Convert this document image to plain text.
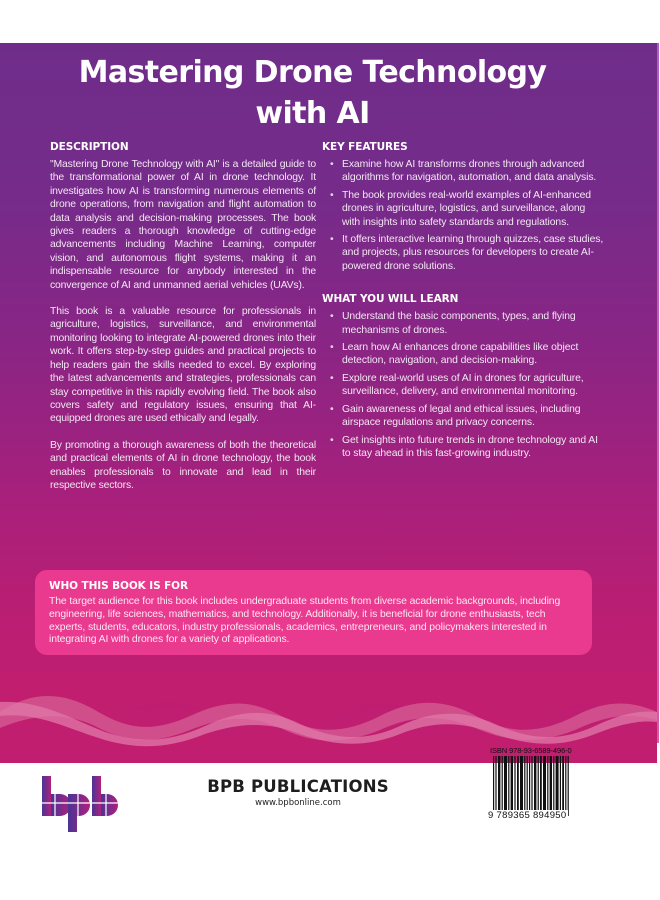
Mastering Drone Technology
with AI
DESCRIPTION

"Mastering Drone Technology with AI" is a detailed guide to the transformational power of AI in drone technology. It investigates how AI is transforming numerous elements of drone operations, from navigation and flight automation to data analysis and decision-making processes. The book gives readers a thorough knowledge of cutting-edge advancements including Machine Learning, computer vision, and autonomous flight systems, making it an indispensable resource for anybody interested in the convergence of AI and unmanned aerial vehicles (UAVs).

This book is a valuable resource for professionals in agriculture, logistics, surveillance, and environmental monitoring looking to integrate AI-powered drones into their work. It offers step-by-step guides and practical projects to help readers gain the skills needed to excel. By exploring the latest advancements and strategies, professionals can stay competitive in this rapidly evolving field. The book also covers safety and regulatory issues, ensuring that AI-equipped drones are used ethically and legally.

By promoting a thorough awareness of both the theoretical and practical elements of AI in drone technology, the book enables professionals to innovate and lead in their respective sectors.

KEY FEATURES
• Examine how AI transforms drones through advanced algorithms for navigation, automation, and data analysis.
• The book provides real-world examples of AI-enhanced drones in agriculture, logistics, and surveillance, along with insights into safety standards and regulations.
• It offers interactive learning through quizzes, case studies, and projects, plus resources for developers to create AI-powered drone solutions.
WHAT YOU WILL LEARN
• Understand the basic components, types, and flying mechanisms of drones.
• Learn how AI enhances drone capabilities like object detection, navigation, and decision-making.
• Explore real-world uses of AI in drones for agriculture, surveillance, delivery, and environmental monitoring.
• Gain awareness of legal and ethical issues, including airspace regulations and privacy concerns.
• Get insights into future trends in drone technology and AI to stay ahead in this fast-growing industry.
WHO THIS BOOK IS FOR

The target audience for this book includes undergraduate students from diverse academic backgrounds, including engineering, life sciences, mathematics, and technology. Additionally, it is beneficial for drone enthusiasts, tech experts, students, educators, industry professionals, academics, entrepreneurs, and policymakers interested in integrating AI with drones for a variety of applications.

BPB PUBLICATIONS
www.bpbonline.com
ISBN 978-93-6589-496-0
9 789365 894950
